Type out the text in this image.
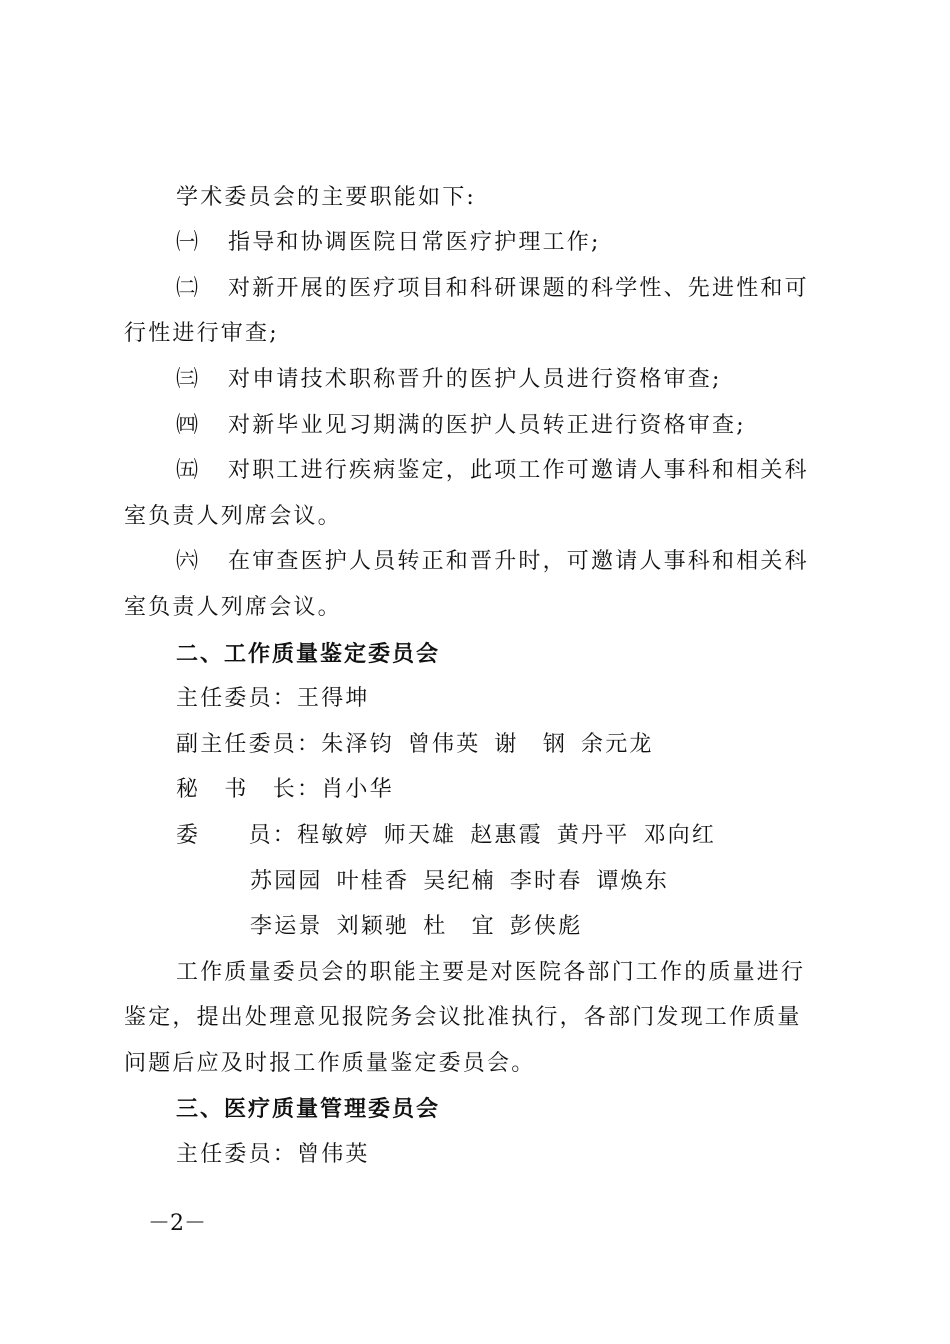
学术委员会的主要职能如下:
㈠ 指导和协调医院日常医疗护理工作;
㈡ 对新开展的医疗项目和科研课题的科学性、先进性和可
行性进行审查;
㈢ 对申请技术职称晋升的医护人员进行资格审查;
㈣ 对新毕业见习期满的医护人员转正进行资格审查;
㈤ 对职工进行疾病鉴定，此项工作可邀请人事科和相关科
室负责人列席会议。
㈥ 在审查医护人员转正和晋升时，可邀请人事科和相关科
室负责人列席会议。
二、工作质量鉴定委员会
主任委员：王得坤
副主任委员：朱泽钧 曾伟英 谢　钢 余元龙
秘　书　长：肖小华
委　　员：程敏婷 师天雄 赵惠霞 黄丹平 邓向红
苏园园 叶桂香 吴纪楠 李时春 谭焕东
李运景 刘颖驰 杜　宜 彭侠彪
工作质量委员会的职能主要是对医院各部门工作的质量进行
鉴定，提出处理意见报院务会议批准执行，各部门发现工作质量
问题后应及时报工作质量鉴定委员会。
三、医疗质量管理委员会
主任委员：曾伟英
－2－
